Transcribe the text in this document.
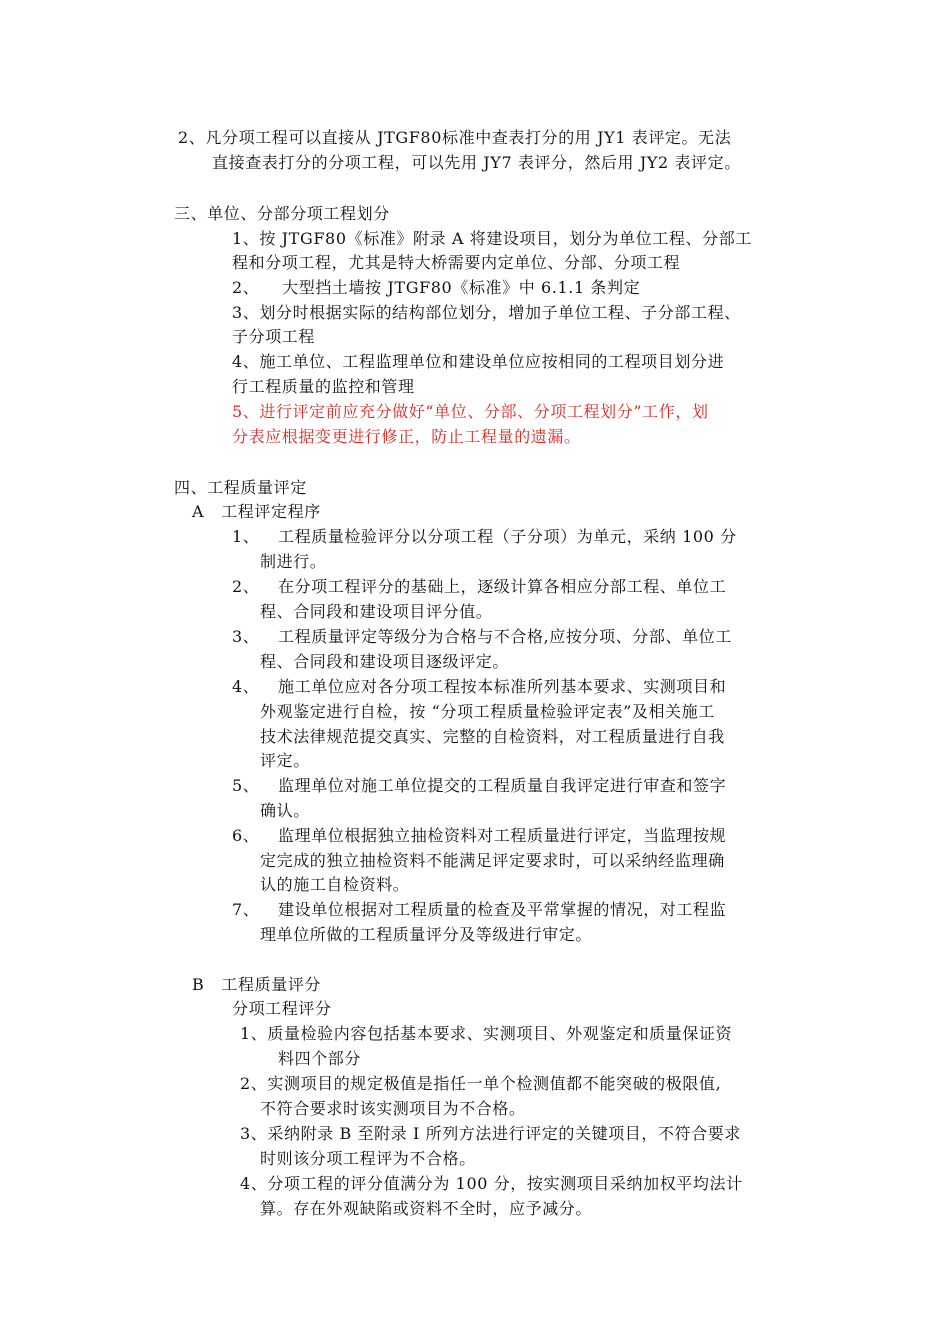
2、凡分项工程可以直接从 JTGF80标准中查表打分的用 JY1 表评定。无法
直接查表打分的分项工程，可以先用 JY7 表评分，然后用 JY2 表评定。
三、单位、分部分项工程划分
1、按 JTGF80《标准》附录 A 将建设项目，划分为单位工程、分部工
程和分项工程，尤其是特大桥需要内定单位、分部、分项工程
2、    大型挡土墙按 JTGF80《标准》中 6.1.1 条判定
3、划分时根据实际的结构部位划分，增加子单位工程、子分部工程、
子分项工程
4、施工单位、工程监理单位和建设单位应按相同的工程项目划分进
行工程质量的监控和管理
5、进行评定前应充分做好“单位、分部、分项工程划分”工作，划
分表应根据变更进行修正，防止工程量的遗漏。
四、工程质量评定
A   工程评定程序
1、 工程质量检验评分以分项工程（子分项）为单元，采纳 100 分
制进行。
2、 在分项工程评分的基础上，逐级计算各相应分部工程、单位工
程、合同段和建设项目评分值。
3、 工程质量评定等级分为合格与不合格,应按分项、分部、单位工
程、合同段和建设项目逐级评定。
4、 施工单位应对各分项工程按本标准所列基本要求、实测项目和
外观鉴定进行自检，按 “分项工程质量检验评定表”及相关施工
技术法律规范提交真实、完整的自检资料，对工程质量进行自我
评定。
5、 监理单位对施工单位提交的工程质量自我评定进行审查和签字
确认。
6、 监理单位根据独立抽检资料对工程质量进行评定，当监理按规
定完成的独立抽检资料不能满足评定要求时，可以采纳经监理确
认的施工自检资料。
7、 建设单位根据对工程质量的检查及平常掌握的情况，对工程监
理单位所做的工程质量评分及等级进行审定。
B   工程质量评分
分项工程评分
1、质量检验内容包括基本要求、实测项目、外观鉴定和质量保证资
料四个部分
2、实测项目的规定极值是指任一单个检测值都不能突破的极限值,
不符合要求时该实测项目为不合格。
3、采纳附录 B 至附录 I 所列方法进行评定的关键项目，不符合要求
时则该分项工程评为不合格。
4、分项工程的评分值满分为 100 分，按实测项目采纳加权平均法计
算。存在外观缺陷或资料不全时，应予减分。
